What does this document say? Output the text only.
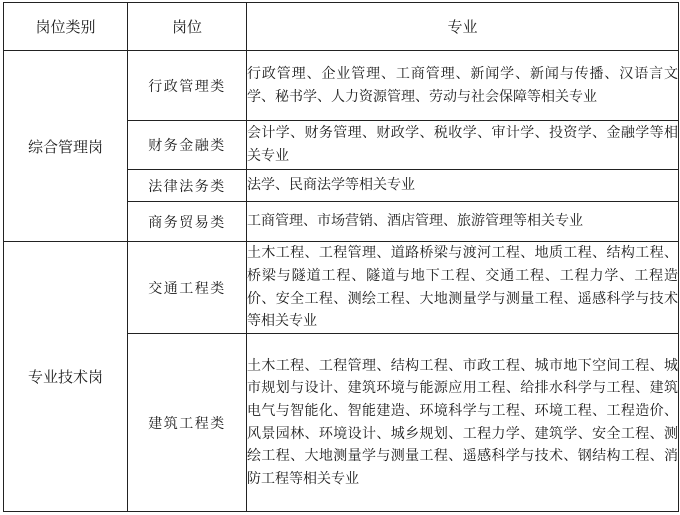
岗位类别	岗位	专业
综合管理岗	行政管理类	行政管理、企业管理、工商管理、新闻学、新闻与传播、汉语言文学、秘书学、人力资源管理、劳动与社会保障等相关专业
	财务金融类	会计学、财务管理、财政学、税收学、审计学、投资学、金融学等相关专业
	法律法务类	法学、民商法学等相关专业
	商务贸易类	工商管理、市场营销、酒店管理、旅游管理等相关专业
专业技术岗	交通工程类	土木工程、工程管理、道路桥梁与渡河工程、地质工程、结构工程、桥梁与隧道工程、隧道与地下工程、交通工程、工程力学、工程造价、安全工程、测绘工程、大地测量学与测量工程、遥感科学与技术等相关专业
	建筑工程类	土木工程、工程管理、结构工程、市政工程、城市地下空间工程、城市规划与设计、建筑环境与能源应用工程、给排水科学与工程、建筑电气与智能化、智能建造、环境科学与工程、环境工程、工程造价、风景园林、环境设计、城乡规划、工程力学、建筑学、安全工程、测绘工程、大地测量学与测量工程、遥感科学与技术、钢结构工程、消防工程等相关专业
